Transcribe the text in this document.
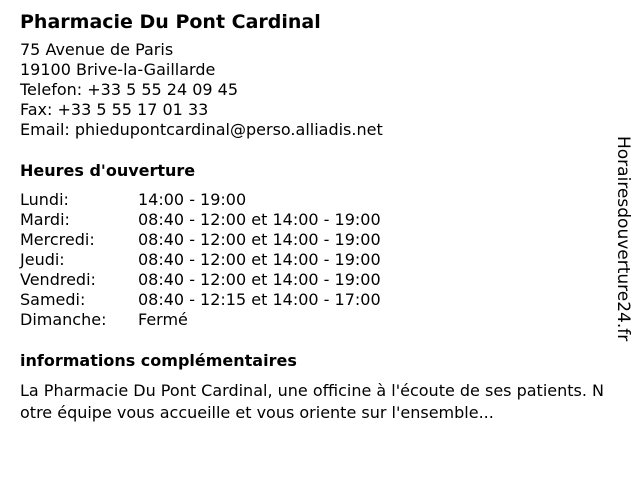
Pharmacie Du Pont Cardinal
75 Avenue de Paris
19100 Brive-la-Gaillarde
Telefon: +33 5 55 24 09 45
Fax: +33 5 55 17 01 33
Email: phiedupontcardinal@perso.alliadis.net
Heures d'ouverture
Lundi:	14:00 - 19:00
Mardi:	08:40 - 12:00 et 14:00 - 19:00
Mercredi:	08:40 - 12:00 et 14:00 - 19:00
Jeudi:	08:40 - 12:00 et 14:00 - 19:00
Vendredi:	08:40 - 12:00 et 14:00 - 19:00
Samedi:	08:40 - 12:15 et 14:00 - 17:00
Dimanche:	Fermé
informations complémentaires
La Pharmacie Du Pont Cardinal, une officine à l'écoute de ses patients. Notre équipe vous accueille et vous oriente sur l'ensemble...
Horairesdouverture24.fr
